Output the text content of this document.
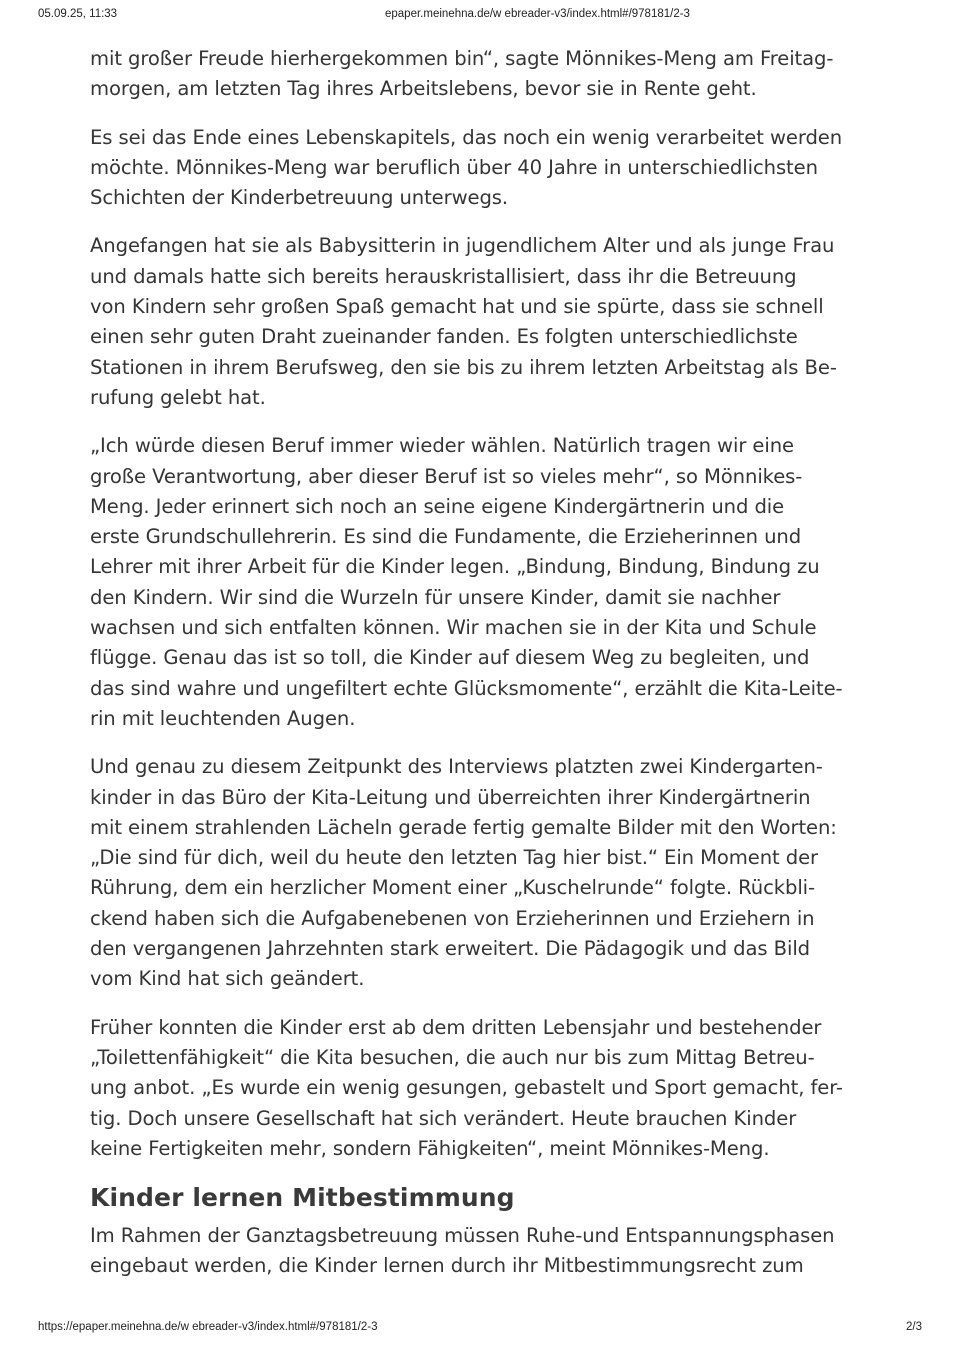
05.09.25, 11:33	epaper.meinehna.de/w ebreader-v3/index.html#/978181/2-3

mit großer Freude hierhergekommen bin“, sagte Mönnikes-Meng am Freitag-
morgen, am letzten Tag ihres Arbeitslebens, bevor sie in Rente geht.

Es sei das Ende eines Lebenskapitels, das noch ein wenig verarbeitet werden
möchte. Mönnikes-Meng war beruflich über 40 Jahre in unterschiedlichsten
Schichten der Kinderbetreuung unterwegs.

Angefangen hat sie als Babysitterin in jugendlichem Alter und als junge Frau
und damals hatte sich bereits herauskristallisiert, dass ihr die Betreuung
von Kindern sehr großen Spaß gemacht hat und sie spürte, dass sie schnell
einen sehr guten Draht zueinander fanden. Es folgten unterschiedlichste
Stationen in ihrem Berufsweg, den sie bis zu ihrem letzten Arbeitstag als Be-
rufung gelebt hat.

„Ich würde diesen Beruf immer wieder wählen. Natürlich tragen wir eine
große Verantwortung, aber dieser Beruf ist so vieles mehr“, so Mönnikes-
Meng. Jeder erinnert sich noch an seine eigene Kindergärtnerin und die
erste Grundschullehrerin. Es sind die Fundamente, die Erzieherinnen und
Lehrer mit ihrer Arbeit für die Kinder legen. „Bindung, Bindung, Bindung zu
den Kindern. Wir sind die Wurzeln für unsere Kinder, damit sie nachher
wachsen und sich entfalten können. Wir machen sie in der Kita und Schule
flügge. Genau das ist so toll, die Kinder auf diesem Weg zu begleiten, und
das sind wahre und ungefiltert echte Glücksmomente“, erzählt die Kita-Leite-
rin mit leuchtenden Augen.

Und genau zu diesem Zeitpunkt des Interviews platzten zwei Kindergarten-
kinder in das Büro der Kita-Leitung und überreichten ihrer Kindergärtnerin
mit einem strahlenden Lächeln gerade fertig gemalte Bilder mit den Worten:
„Die sind für dich, weil du heute den letzten Tag hier bist.“ Ein Moment der
Rührung, dem ein herzlicher Moment einer „Kuschelrunde“ folgte. Rückbli-
ckend haben sich die Aufgabenebenen von Erzieherinnen und Erziehern in
den vergangenen Jahrzehnten stark erweitert. Die Pädagogik und das Bild
vom Kind hat sich geändert.

Früher konnten die Kinder erst ab dem dritten Lebensjahr und bestehender
„Toilettenfähigkeit“ die Kita besuchen, die auch nur bis zum Mittag Betreu-
ung anbot. „Es wurde ein wenig gesungen, gebastelt und Sport gemacht, fer-
tig. Doch unsere Gesellschaft hat sich verändert. Heute brauchen Kinder
keine Fertigkeiten mehr, sondern Fähigkeiten“, meint Mönnikes-Meng.

Kinder lernen Mitbestimmung

Im Rahmen der Ganztagsbetreuung müssen Ruhe-und Entspannungsphasen
eingebaut werden, die Kinder lernen durch ihr Mitbestimmungsrecht zum

https://epaper.meinehna.de/w ebreader-v3/index.html#/978181/2-3	2/3
